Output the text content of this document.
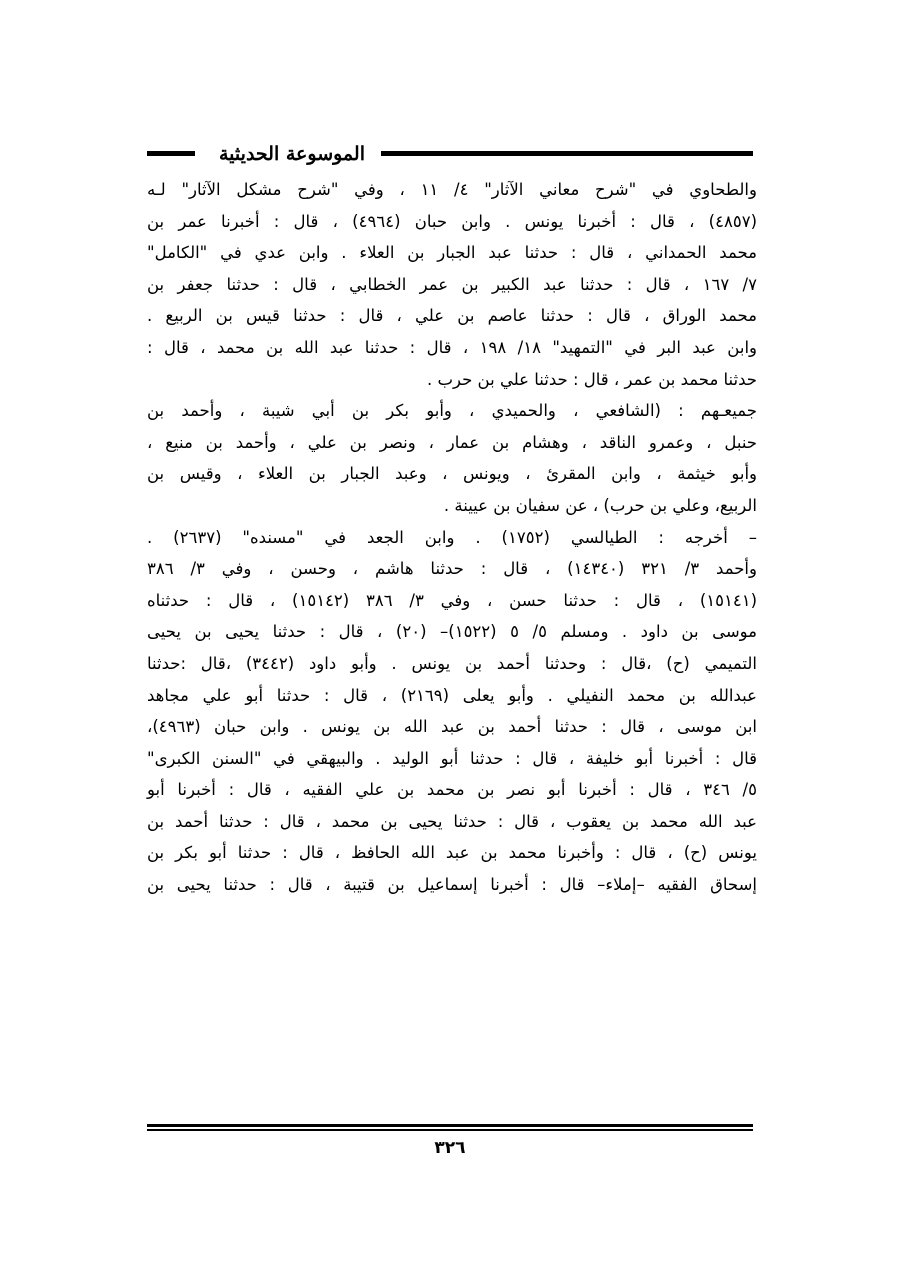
الموسوعة الحديثية
والطحاوي في "شرح معاني الآثار" ٤/ ١١ ، وفي "شرح مشكل الآثار" لـه
(٤٨٥٧) ، قال : أخبرنا يونس . وابن حبان (٤٩٦٤) ، قال : أخبرنا عمر بن
محمد الحمداني ، قال : حدثنا عبد الجبار بن العلاء . وابن عدي في "الكامل"
٧/ ١٦٧ ، قال : حدثنا عبد الكبير بن عمر الخطابي ، قال : حدثنا جعفر بن
محمد الوراق ، قال : حدثنا عاصم بن علي ، قال : حدثنا قيس بن الربيع .
وابن عبد البر في "التمهيد" ١٨/ ١٩٨ ، قال : حدثنا عبد الله بن محمد ، قال :
حدثنا محمد بن عمر ، قال : حدثنا علي بن حرب .
جميعـهم : (الشافعي ، والحميدي ، وأبو بكر بن أبي شيبة ، وأحمد بن
حنبل ، وعمرو الناقد ، وهشام بن عمار ، ونصر بن علي ، وأحمد بن منيع ،
وأبو خيثمة ، وابن المقرئ ، ويونس ، وعبد الجبار بن العلاء ، وقيس بن
الربيع، وعلي بن حرب) ، عن سفيان بن عيينة .
– أخرجه : الطيالسي (١٧٥٢) . وابن الجعد في "مسنده" (٢٦٣٧) .
وأحمد ٣/ ٣٢١ (١٤٣٤٠) ، قال : حدثنا هاشم ، وحسن ، وفي ٣/ ٣٨٦
(١٥١٤١) ، قال : حدثنا حسن ، وفي ٣/ ٣٨٦ (١٥١٤٢) ، قال : حدثناه
موسى بن داود . ومسلم ٥/ ٥ (١٥٢٢)– (٢٠) ، قال : حدثنا يحيى بن يحيى
التميمي (ح) ،قال : وحدثنا أحمد بن يونس . وأبو داود (٣٤٤٢) ،قال :حدثنا
عبدالله بن محمد النفيلي . وأبو يعلى (٢١٦٩) ، قال : حدثنا أبو علي مجاهد
ابن موسى ، قال : حدثنا أحمد بن عبد الله بن يونس . وابن حبان (٤٩٦٣)،
قال : أخبرنا أبو خليفة ، قال : حدثنا أبو الوليد . والبيهقي في "السنن الكبرى"
٥/ ٣٤٦ ، قال : أخبرنا أبو نصر بن محمد بن علي الفقيه ، قال : أخبرنا أبو
عبد الله محمد بن يعقوب ، قال : حدثنا يحيى بن محمد ، قال : حدثنا أحمد بن
يونس (ح) ، قال : وأخبرنا محمد بن عبد الله الحافظ ، قال : حدثنا أبو بكر بن
إسحاق الفقيه –إملاء– قال : أخبرنا إسماعيل بن قتيبة ، قال : حدثنا يحيى بن
٣٢٦
